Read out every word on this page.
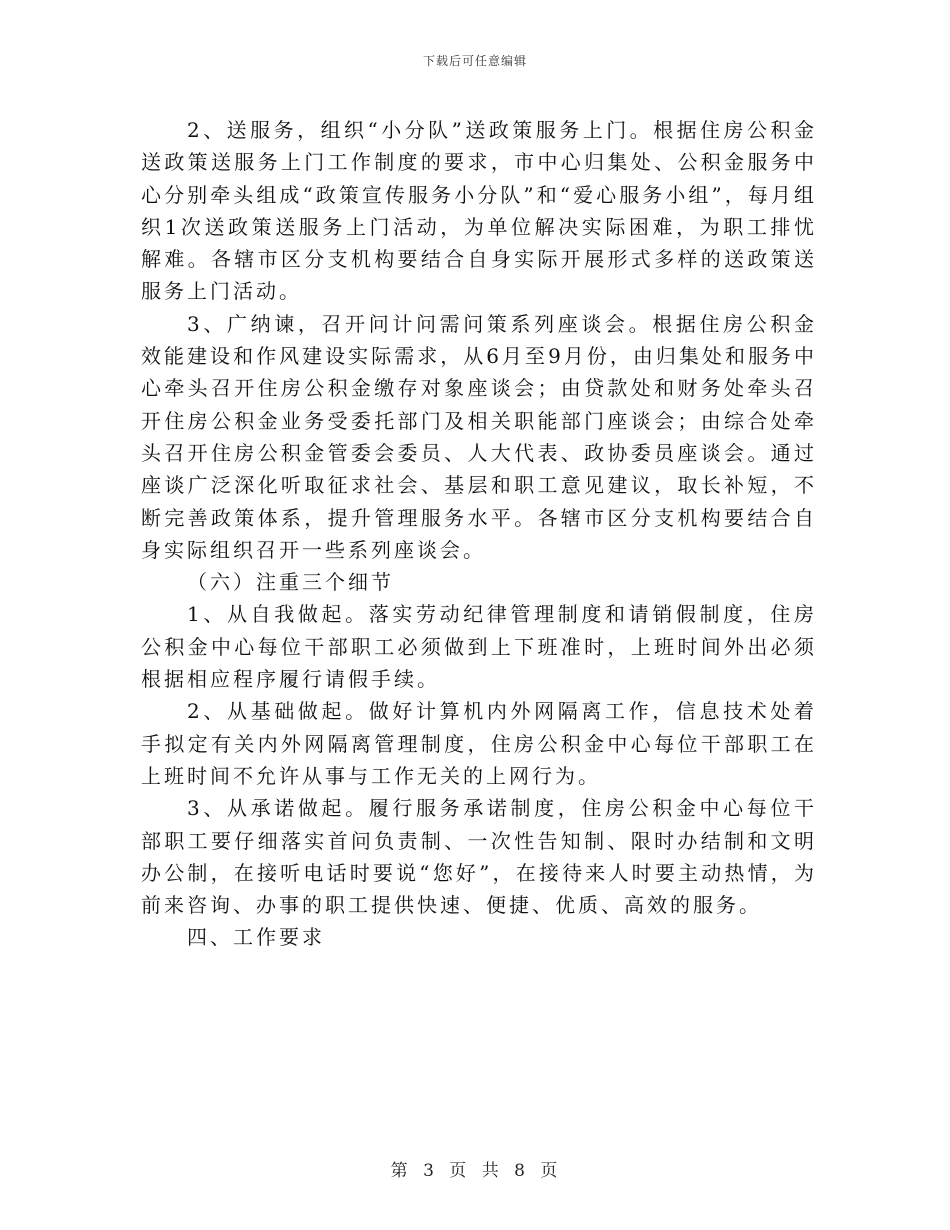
下载后可任意编辑

2、送服务，组织“小分队”送政策服务上门。根据住房公积金送政策送服务上门工作制度的要求，市中心归集处、公积金服务中心分别牵头组成“政策宣传服务小分队”和“爱心服务小组”，每月组织1次送政策送服务上门活动，为单位解决实际困难，为职工排忧解难。各辖市区分支机构要结合自身实际开展形式多样的送政策送服务上门活动。

3、广纳谏，召开问计问需问策系列座谈会。根据住房公积金效能建设和作风建设实际需求，从6月至9月份，由归集处和服务中心牵头召开住房公积金缴存对象座谈会；由贷款处和财务处牵头召开住房公积金业务受委托部门及相关职能部门座谈会；由综合处牵头召开住房公积金管委会委员、人大代表、政协委员座谈会。通过座谈广泛深化听取征求社会、基层和职工意见建议，取长补短，不断完善政策体系，提升管理服务水平。各辖市区分支机构要结合自身实际组织召开一些系列座谈会。

（六）注重三个细节

1、从自我做起。落实劳动纪律管理制度和请销假制度，住房公积金中心每位干部职工必须做到上下班准时，上班时间外出必须根据相应程序履行请假手续。

2、从基础做起。做好计算机内外网隔离工作，信息技术处着手拟定有关内外网隔离管理制度，住房公积金中心每位干部职工在上班时间不允许从事与工作无关的上网行为。

3、从承诺做起。履行服务承诺制度，住房公积金中心每位干部职工要仔细落实首问负责制、一次性告知制、限时办结制和文明办公制，在接听电话时要说“您好”，在接待来人时要主动热情，为前来咨询、办事的职工提供快速、便捷、优质、高效的服务。

四、工作要求

第 3 页 共 8 页
